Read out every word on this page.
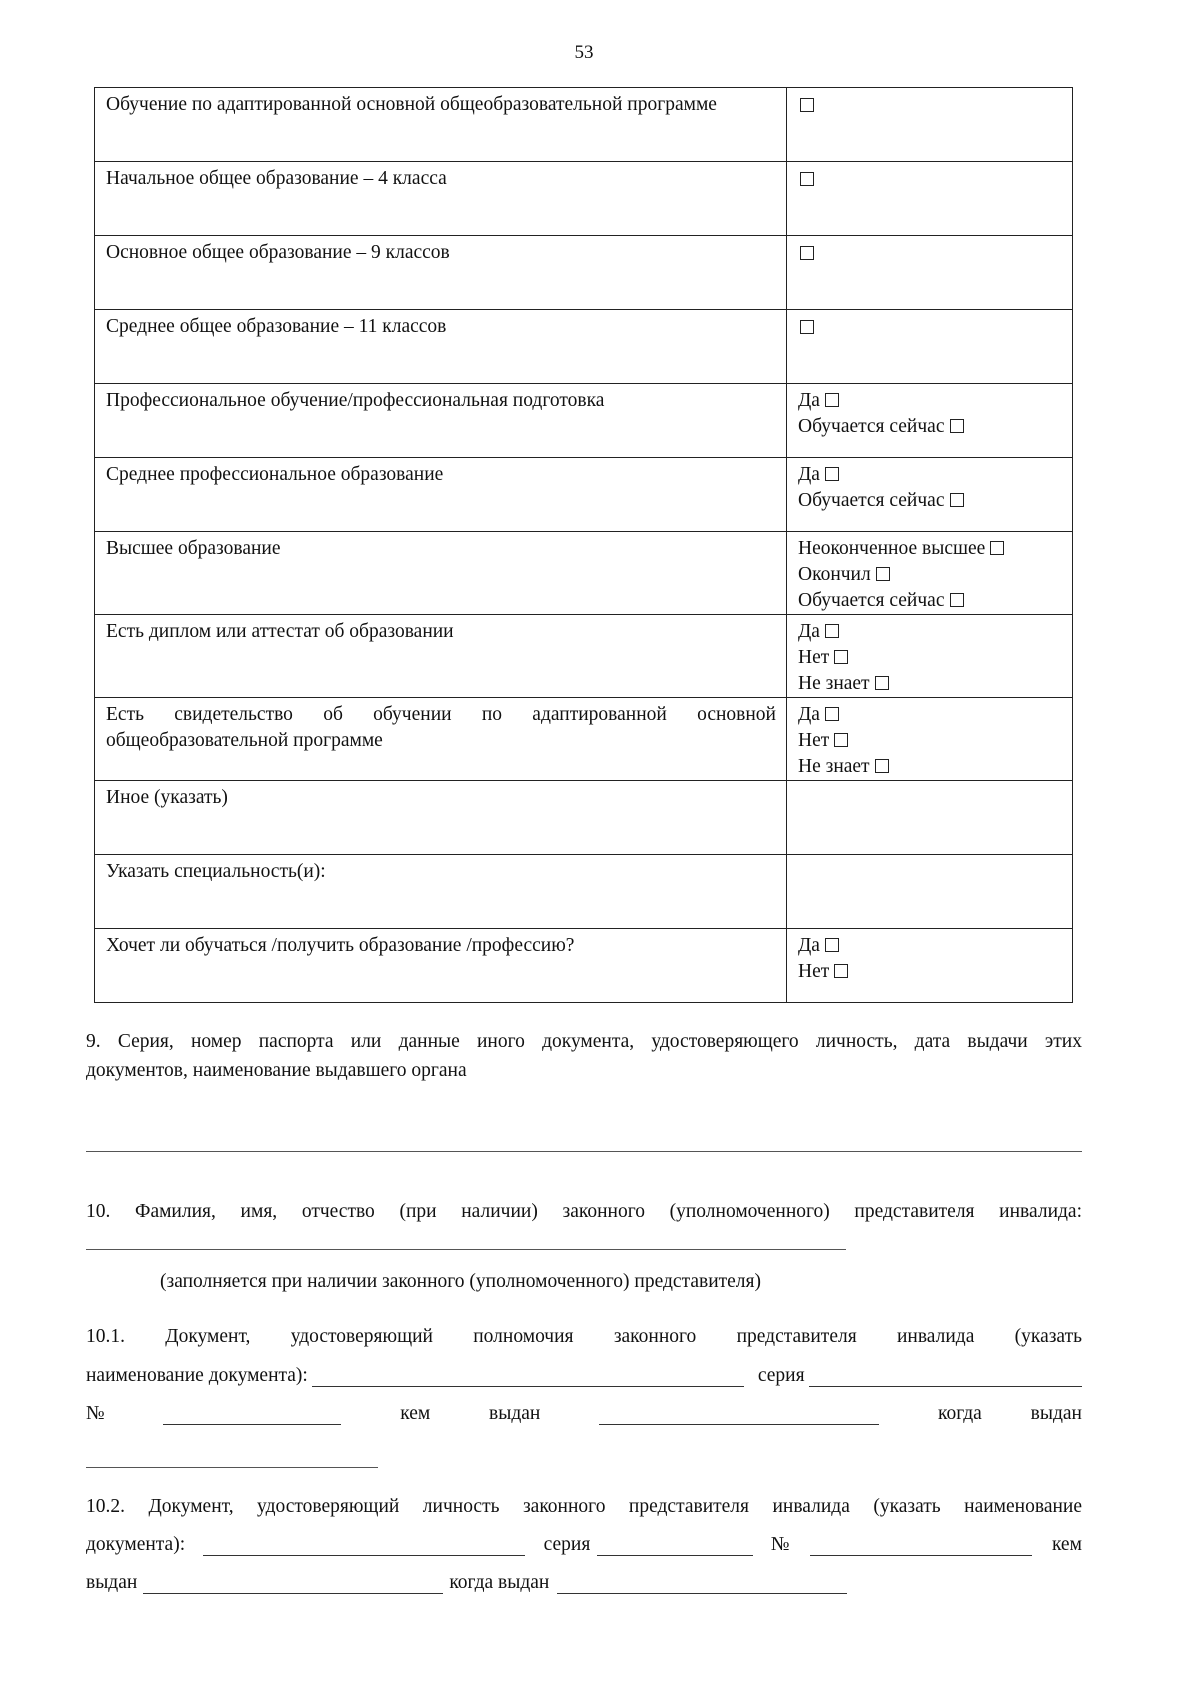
53
Обучение по адаптированной основной общеобразовательной программе	
Начальное общее образование – 4 класса	
Основное общее образование – 9 классов	
Среднее общее образование – 11 классов	
Профессиональное обучение/профессиональная подготовка	Да
Обучается сейчас

Среднее профессиональное образование	Да
Обучается сейчас

Высшее образование	Неоконченное высшее
Окончил
Обучается сейчас

Есть диплом или аттестат об образовании	Да
Нет
Не знает

Есть свидетельство об обучении по адаптированной основной общеобразовательной программе	Да
Нет
Не знает

Иное (указать)	
Указать специальность(и):	
Хочет ли обучаться /получить образование /профессию?	Да
Нет
9. Серия, номер паспорта или данные иного документа, удостоверяющего личность, дата выдачи этих
документов, наименование выдавшего органа
10. Фамилия, имя, отчество (при наличии) законного (уполномоченного) представителя инвалида:
(заполняется при наличии законного (уполномоченного) представителя)
10.1. Документ, удостоверяющий полномочия законного представителя инвалида (указать
наименование документа):	серия
№	кем	выдан	когда	выдан
10.2. Документ, удостоверяющий личность законного представителя инвалида (указать наименование
документа):	серия	№	кем
выдан	когда выдан
